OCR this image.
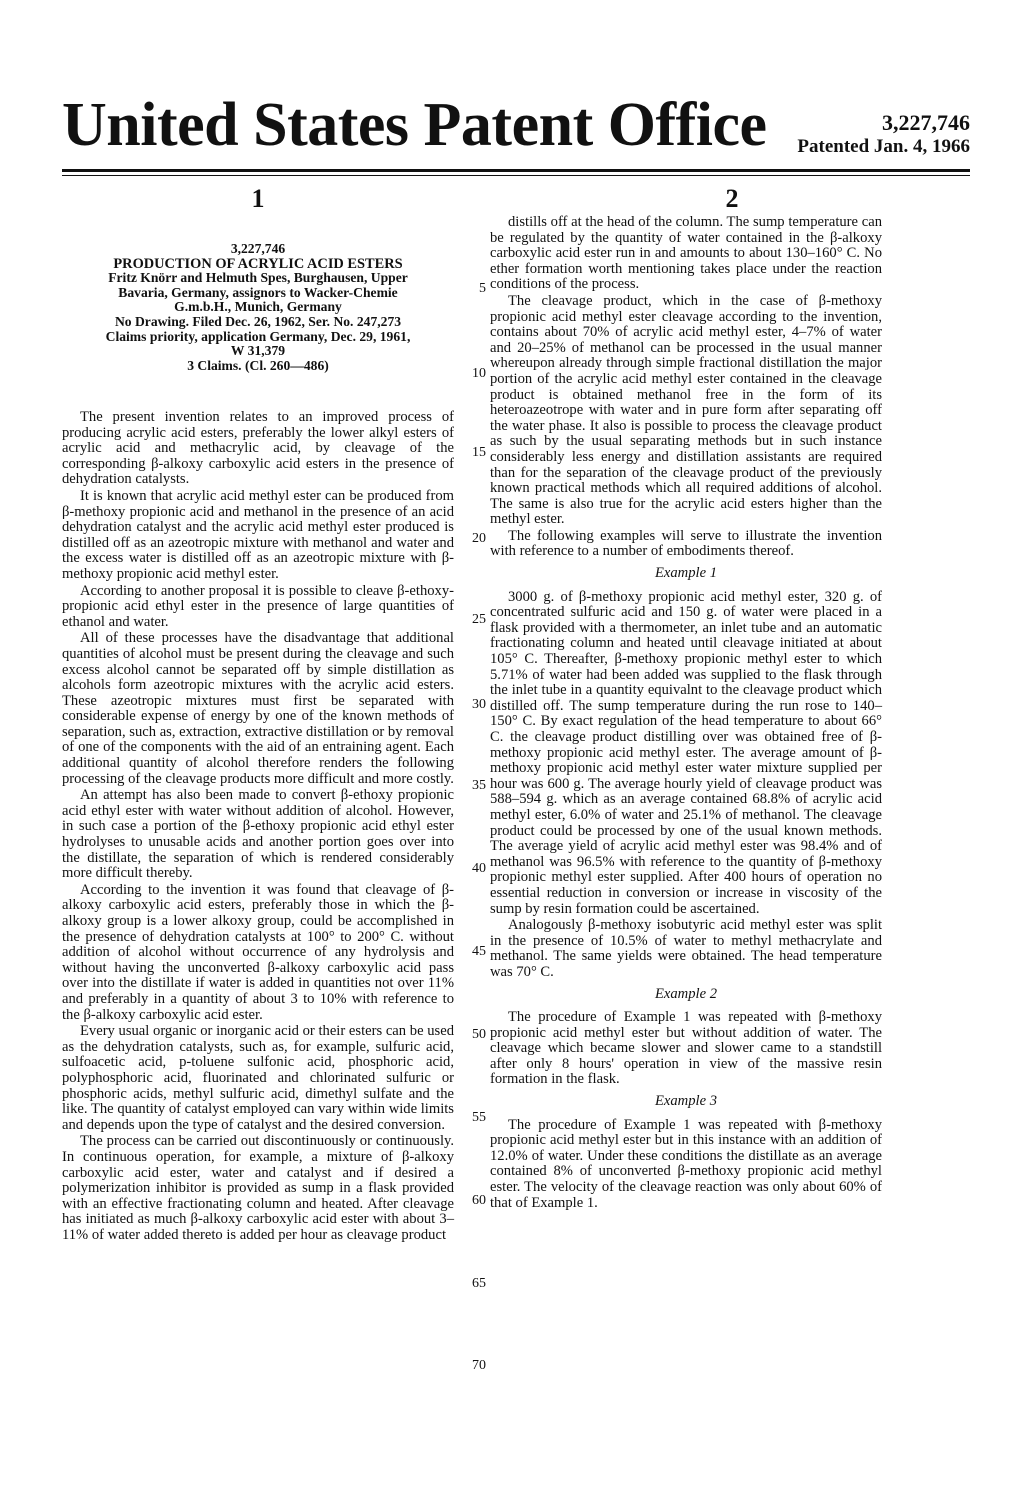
United States Patent Office	3,227,746
Patented Jan. 4, 1966
1	2
3,227,746
PRODUCTION OF ACRYLIC ACID ESTERS
Fritz Knörr and Helmuth Spes, Burghausen, Upper
Bavaria, Germany, assignors to Wacker-Chemie
G.m.b.H., Munich, Germany
No Drawing. Filed Dec. 26, 1962, Ser. No. 247,273
Claims priority, application Germany, Dec. 29, 1961,
W 31,379
3 Claims. (Cl. 260—486)

The present invention relates to an improved process of producing acrylic acid esters, preferably the lower alkyl esters of acrylic acid and methacrylic acid, by cleavage of the corresponding β-alkoxy carboxylic acid esters in the presence of dehydration catalysts.

It is known that acrylic acid methyl ester can be produced from β-methoxy propionic acid and methanol in the presence of an acid dehydration catalyst and the acrylic acid methyl ester produced is distilled off as an azeotropic mixture with methanol and water and the excess water is distilled off as an azeotropic mixture with β-methoxy propionic acid methyl ester.

According to another proposal it is possible to cleave β-ethoxy-propionic acid ethyl ester in the presence of large quantities of ethanol and water.

All of these processes have the disadvantage that additional quantities of alcohol must be present during the cleavage and such excess alcohol cannot be separated off by simple distillation as alcohols form azeotropic mixtures with the acrylic acid esters. These azeotropic mixtures must first be separated with considerable expense of energy by one of the known methods of separation, such as, extraction, extractive distillation or by removal of one of the components with the aid of an entraining agent. Each additional quantity of alcohol therefore renders the following processing of the cleavage products more difficult and more costly.

An attempt has also been made to convert β-ethoxy propionic acid ethyl ester with water without addition of alcohol. However, in such case a portion of the β-ethoxy propionic acid ethyl ester hydrolyses to unusable acids and another portion goes over into the distillate, the separation of which is rendered considerably more difficult thereby.

According to the invention it was found that cleavage of β-alkoxy carboxylic acid esters, preferably those in which the β-alkoxy group is a lower alkoxy group, could be accomplished in the presence of dehydration catalysts at 100° to 200° C. without addition of alcohol without occurrence of any hydrolysis and without having the unconverted β-alkoxy carboxylic acid pass over into the distillate if water is added in quantities not over 11% and preferably in a quantity of about 3 to 10% with reference to the β-alkoxy carboxylic acid ester.

Every usual organic or inorganic acid or their esters can be used as the dehydration catalysts, such as, for example, sulfuric acid, sulfoacetic acid, p-toluene sulfonic acid, phosphoric acid, polyphosphoric acid, fluorinated and chlorinated sulfuric or phosphoric acids, methyl sulfuric acid, dimethyl sulfate and the like. The quantity of catalyst employed can vary within wide limits and depends upon the type of catalyst and the desired conversion.

The process can be carried out discontinuously or continuously. In continuous operation, for example, a mixture of β-alkoxy carboxylic acid ester, water and catalyst and if desired a polymerization inhibitor is provided as sump in a flask provided with an effective fractionating column and heated. After cleavage has initiated as much β-alkoxy carboxylic acid ester with about 3–11% of water added thereto is added per hour as cleavage product

5
10
15
20
25
30
35
40
45
50
55
60
65
70

distills off at the head of the column. The sump temperature can be regulated by the quantity of water contained in the β-alkoxy carboxylic acid ester run in and amounts to about 130–160° C. No ether formation worth mentioning takes place under the reaction conditions of the process.

The cleavage product, which in the case of β-methoxy propionic acid methyl ester cleavage according to the invention, contains about 70% of acrylic acid methyl ester, 4–7% of water and 20–25% of methanol can be processed in the usual manner whereupon already through simple fractional distillation the major portion of the acrylic acid methyl ester contained in the cleavage product is obtained methanol free in the form of its heteroazeotrope with water and in pure form after separating off the water phase. It also is possible to process the cleavage product as such by the usual separating methods but in such instance considerably less energy and distillation assistants are required than for the separation of the cleavage product of the previously known practical methods which all required additions of alcohol. The same is also true for the acrylic acid esters higher than the methyl ester.

The following examples will serve to illustrate the invention with reference to a number of embodiments thereof.

Example 1

3000 g. of β-methoxy propionic acid methyl ester, 320 g. of concentrated sulfuric acid and 150 g. of water were placed in a flask provided with a thermometer, an inlet tube and an automatic fractionating column and heated until cleavage initiated at about 105° C. Thereafter, β-methoxy propionic methyl ester to which 5.71% of water had been added was supplied to the flask through the inlet tube in a quantity equivalnt to the cleavage product which distilled off. The sump temperature during the run rose to 140–150° C. By exact regulation of the head temperature to about 66° C. the cleavage product distilling over was obtained free of β-methoxy propionic acid methyl ester. The average amount of β-methoxy propionic acid methyl ester water mixture supplied per hour was 600 g. The average hourly yield of cleavage product was 588–594 g. which as an average contained 68.8% of acrylic acid methyl ester, 6.0% of water and 25.1% of methanol. The cleavage product could be processed by one of the usual known methods. The average yield of acrylic acid methyl ester was 98.4% and of methanol was 96.5% with reference to the quantity of β-methoxy propionic methyl ester supplied. After 400 hours of operation no essential reduction in conversion or increase in viscosity of the sump by resin formation could be ascertained.

Analogously β-methoxy isobutyric acid methyl ester was split in the presence of 10.5% of water to methyl methacrylate and methanol. The same yields were obtained. The head temperature was 70° C.

Example 2

The procedure of Example 1 was repeated with β-methoxy propionic acid methyl ester but without addition of water. The cleavage which became slower and slower came to a standstill after only 8 hours' operation in view of the massive resin formation in the flask.

Example 3

The procedure of Example 1 was repeated with β-methoxy propionic acid methyl ester but in this instance with an addition of 12.0% of water. Under these conditions the distillate as an average contained 8% of unconverted β-methoxy propionic acid methyl ester. The velocity of the cleavage reaction was only about 60% of that of Example 1.
